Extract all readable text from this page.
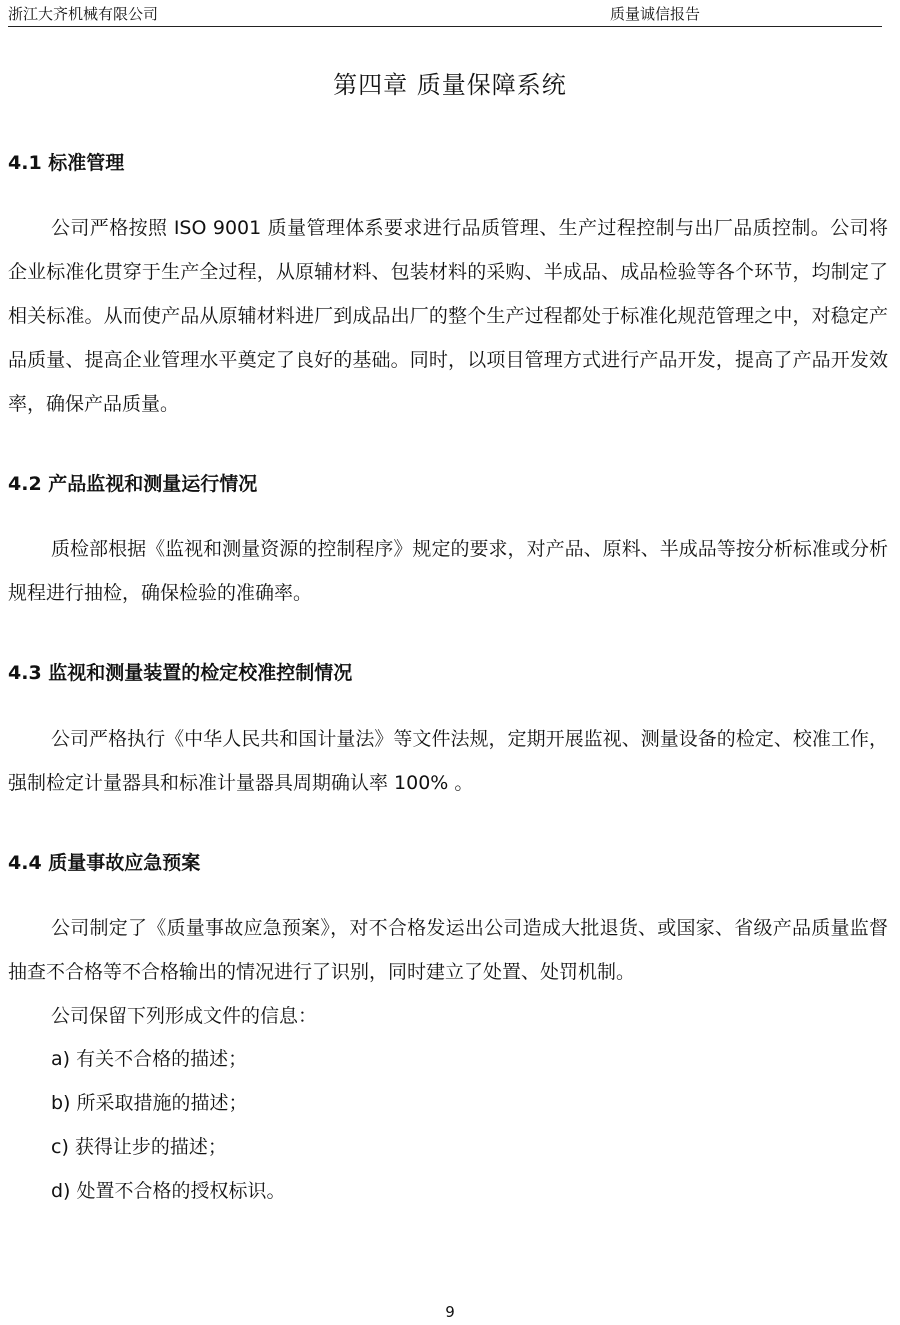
浙江大齐机械有限公司	质量诚信报告
第四章 质量保障系统
4.1 标准管理

公司严格按照 ISO 9001 质量管理体系要求进行品质管理、生产过程控制与出厂品质控制。公司将企业标准化贯穿于生产全过程，从原辅材料、包装材料的采购、半成品、成品检验等各个环节，均制定了相关标准。从而使产品从原辅材料进厂到成品出厂的整个生产过程都处于标准化规范管理之中，对稳定产品质量、提高企业管理水平奠定了良好的基础。同时，以项目管理方式进行产品开发，提高了产品开发效率，确保产品质量。

4.2 产品监视和测量运行情况

质检部根据《监视和测量资源的控制程序》规定的要求，对产品、原料、半成品等按分析标准或分析规程进行抽检，确保检验的准确率。

4.3 监视和测量装置的检定校准控制情况

公司严格执行《中华人民共和国计量法》等文件法规，定期开展监视、测量设备的检定、校准工作，强制检定计量器具和标准计量器具周期确认率 100% 。

4.4 质量事故应急预案

公司制定了《质量事故应急预案》，对不合格发运出公司造成大批退货、或国家、省级产品质量监督抽查不合格等不合格输出的情况进行了识别，同时建立了处置、处罚机制。

公司保留下列形成文件的信息：
a) 有关不合格的描述；
b) 所采取措施的描述；
c) 获得让步的描述；
d) 处置不合格的授权标识。
9
